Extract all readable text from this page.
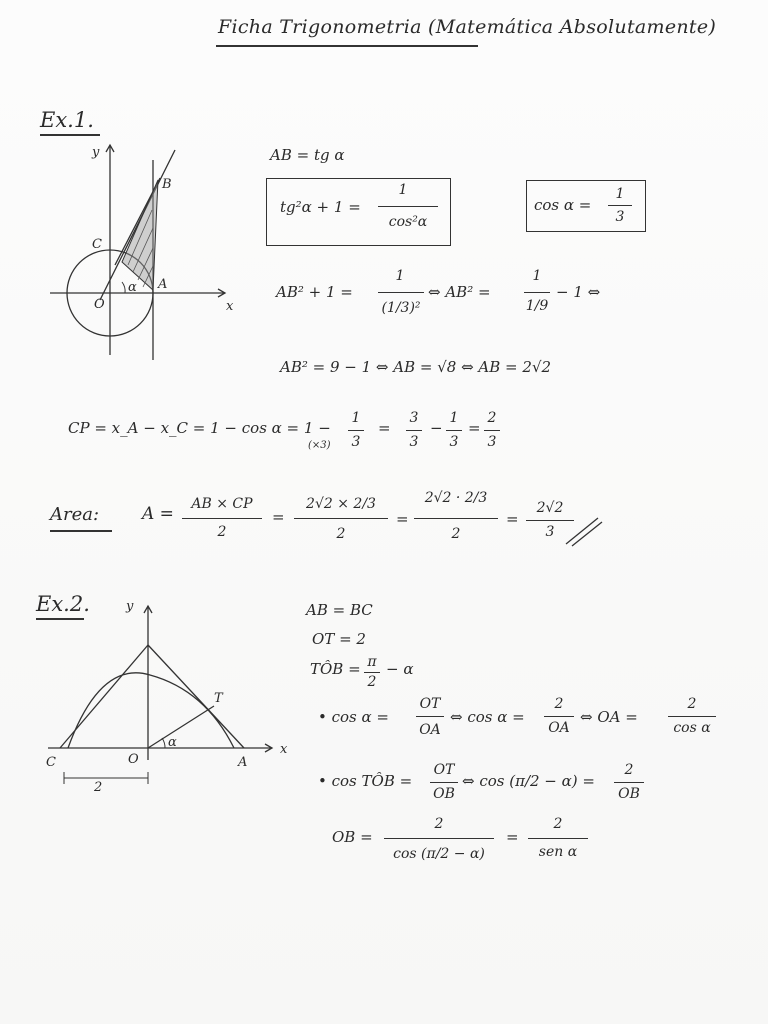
Ficha Trigonometria (Matemática Absolutamente)
Ex.1.
y
x
B
C
A
O
α
AB = tg α
tg²α + 1 =
1
cos²α
cos α =
1
3
AB² + 1 =
1
(1/3)²
⇔ AB² =
1
1/9
− 1 ⇔
AB² = 9 − 1 ⇔ AB = √8 ⇔ AB = 2√2
CP = x_A − x_C = 1 − cos α = 1 −
(×3)
1
3
=
3
3
−
1
3
=
2
3
Area:	A =	AB × CP
2
=
2√2 × 2/3
2
=
2√2 · 2/3
2
=
2√2
3
Ex.2.	y
x
T
C	O	A
α
2
AB = BC
OT = 2
TÔB = π
2
− α
• cos α =
OT
OA
⇔ cos α =
2
OA
⇔ OA =
2
cos α
• cos TÔB =
OT
OB
⇔ cos (π/2 − α) =
2
OB
OB =
2
cos (π/2 − α)
=
2
sen α
